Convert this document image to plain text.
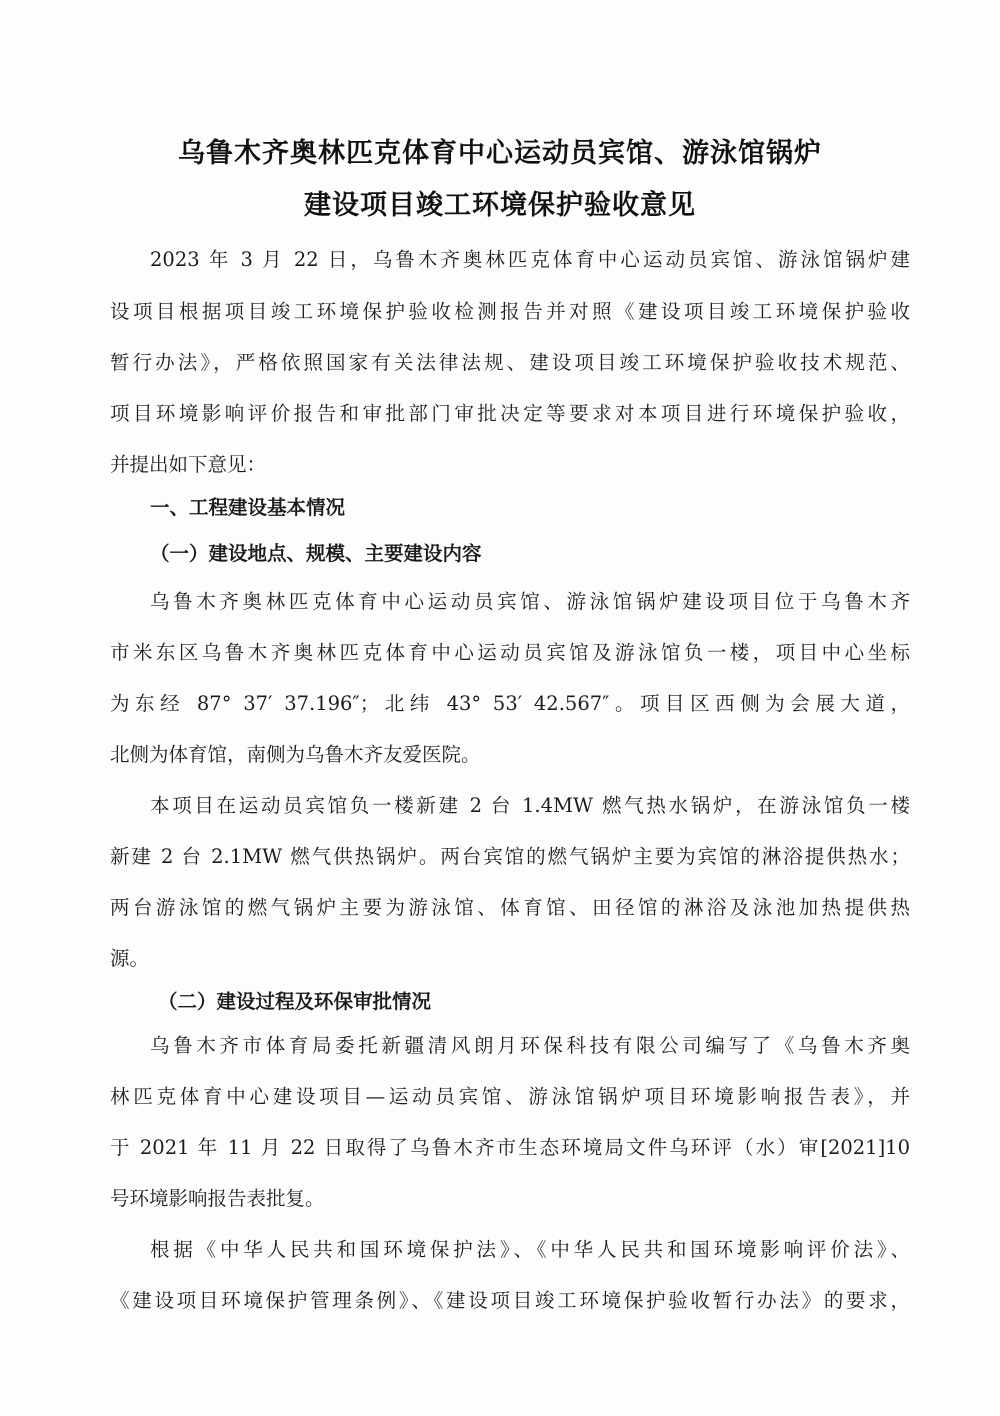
乌鲁木齐奥林匹克体育中心运动员宾馆、游泳馆锅炉
建设项目竣工环境保护验收意见
2023 年 3 月 22 日，乌鲁木齐奥林匹克体育中心运动员宾馆、游泳馆锅炉建
设项目根据项目竣工环境保护验收检测报告并对照《建设项目竣工环境保护验收
暂行办法》，严格依照国家有关法律法规、建设项目竣工环境保护验收技术规范、
项目环境影响评价报告和审批部门审批决定等要求对本项目进行环境保护验收，
并提出如下意见：
一、工程建设基本情况
（一）建设地点、规模、主要建设内容
乌鲁木齐奥林匹克体育中心运动员宾馆、游泳馆锅炉建设项目位于乌鲁木齐
市米东区乌鲁木齐奥林匹克体育中心运动员宾馆及游泳馆负一楼，项目中心坐标
为东经 87° 37′ 37.196″；北纬 43° 53′ 42.567″。项目区西侧为会展大道，
北侧为体育馆，南侧为乌鲁木齐友爱医院。
本项目在运动员宾馆负一楼新建 2 台 1.4MW 燃气热水锅炉，在游泳馆负一楼
新建 2 台 2.1MW 燃气供热锅炉。两台宾馆的燃气锅炉主要为宾馆的淋浴提供热水；
两台游泳馆的燃气锅炉主要为游泳馆、体育馆、田径馆的淋浴及泳池加热提供热
源。
（二）建设过程及环保审批情况
乌鲁木齐市体育局委托新疆清风朗月环保科技有限公司编写了《乌鲁木齐奥
林匹克体育中心建设项目—运动员宾馆、游泳馆锅炉项目环境影响报告表》，并
于 2021 年 11 月 22 日取得了乌鲁木齐市生态环境局文件乌环评（水）审[2021]10
号环境影响报告表批复。
根据《中华人民共和国环境保护法》、《中华人民共和国环境影响评价法》、
《建设项目环境保护管理条例》、《建设项目竣工环境保护验收暂行办法》的要求，
